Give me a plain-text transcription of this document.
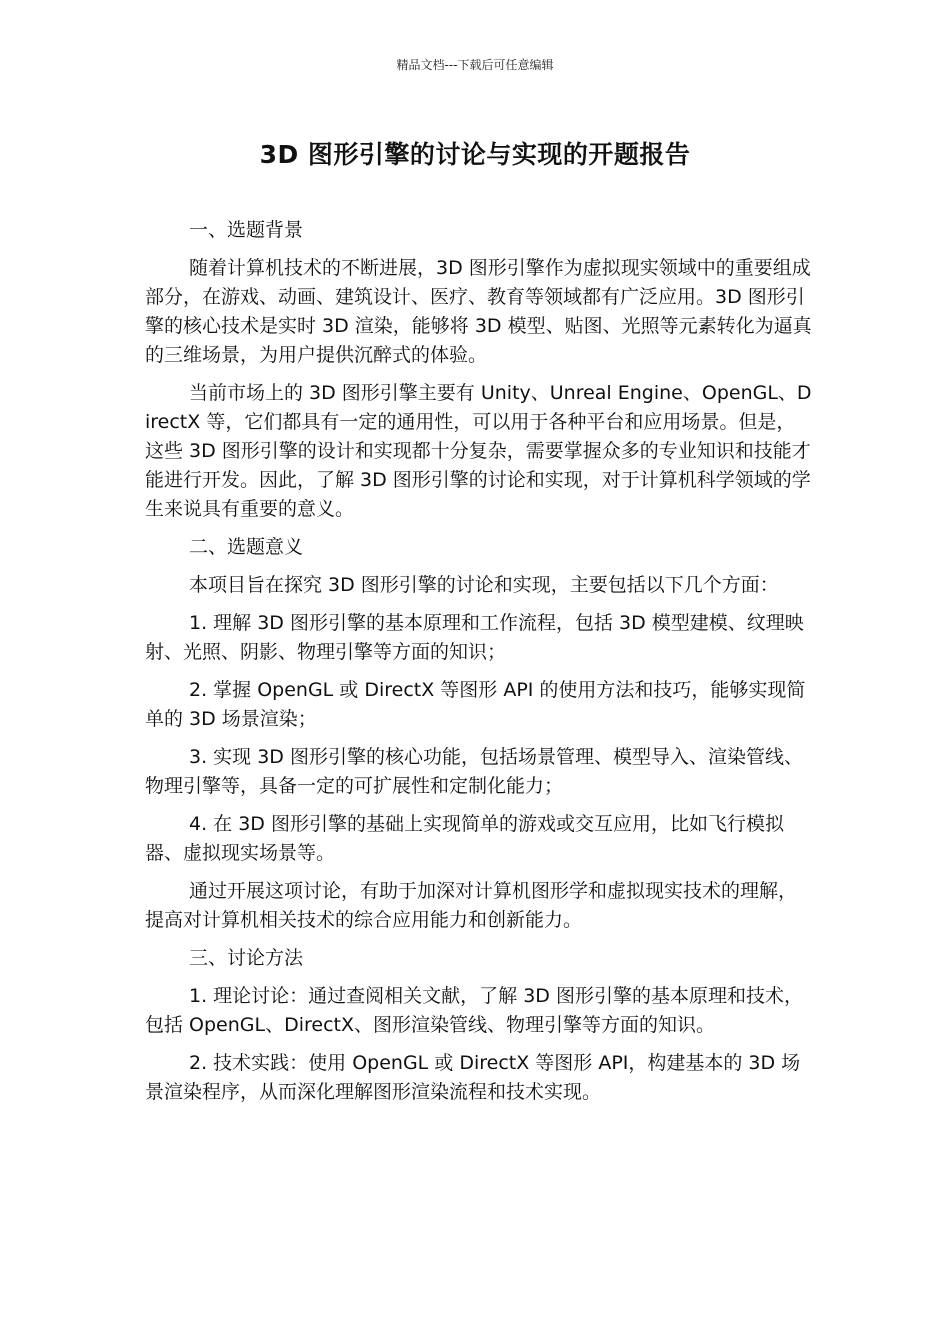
精品文档---下载后可任意编辑
3D 图形引擎的讨论与实现的开题报告
一、选题背景

随着计算机技术的不断进展，3D 图形引擎作为虚拟现实领域中的重要组成部分，在游戏、动画、建筑设计、医疗、教育等领域都有广泛应用。3D 图形引擎的核心技术是实时 3D 渲染，能够将 3D 模型、贴图、光照等元素转化为逼真的三维场景，为用户提供沉醉式的体验。

当前市场上的 3D 图形引擎主要有 Unity、Unreal Engine、OpenGL、DirectX 等，它们都具有一定的通用性，可以用于各种平台和应用场景。但是，这些 3D 图形引擎的设计和实现都十分复杂，需要掌握众多的专业知识和技能才能进行开发。因此，了解 3D 图形引擎的讨论和实现，对于计算机科学领域的学生来说具有重要的意义。

二、选题意义

本项目旨在探究 3D 图形引擎的讨论和实现，主要包括以下几个方面：

1. 理解 3D 图形引擎的基本原理和工作流程，包括 3D 模型建模、纹理映射、光照、阴影、物理引擎等方面的知识；

2. 掌握 OpenGL 或 DirectX 等图形 API 的使用方法和技巧，能够实现简单的 3D 场景渲染；

3. 实现 3D 图形引擎的核心功能，包括场景管理、模型导入、渲染管线、物理引擎等，具备一定的可扩展性和定制化能力；

4. 在 3D 图形引擎的基础上实现简单的游戏或交互应用，比如飞行模拟器、虚拟现实场景等。

通过开展这项讨论，有助于加深对计算机图形学和虚拟现实技术的理解，提高对计算机相关技术的综合应用能力和创新能力。

三、讨论方法

1. 理论讨论：通过查阅相关文献，了解 3D 图形引擎的基本原理和技术，包括 OpenGL、DirectX、图形渲染管线、物理引擎等方面的知识。

2. 技术实践：使用 OpenGL 或 DirectX 等图形 API，构建基本的 3D 场景渲染程序，从而深化理解图形渲染流程和技术实现。
